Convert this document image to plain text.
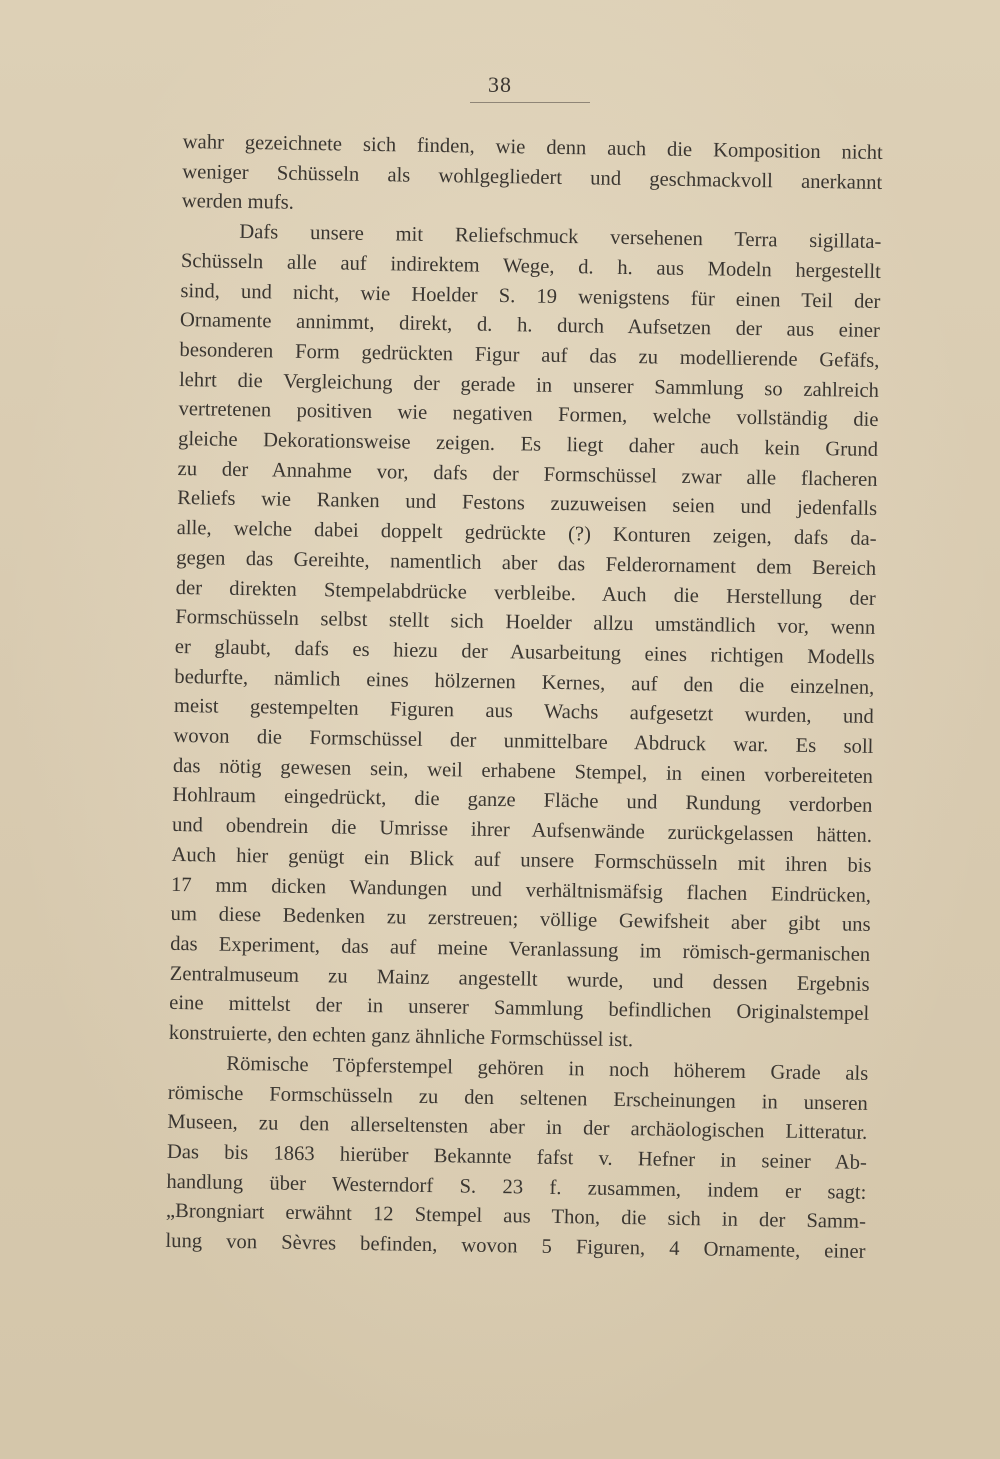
38

wahr gezeichnete sich finden, wie denn auch die Komposition nicht
weniger Schüsseln als wohlgegliedert und geschmackvoll anerkannt
werden mufs.

Dafs unsere mit Reliefschmuck versehenen Terra sigillata-
Schüsseln alle auf indirektem Wege, d. h. aus Modeln hergestellt
sind, und nicht, wie Hoelder S. 19 wenigstens für einen Teil der
Ornamente annimmt, direkt, d. h. durch Aufsetzen der aus einer
besonderen Form gedrückten Figur auf das zu modellierende Gefäfs,
lehrt die Vergleichung der gerade in unserer Sammlung so zahlreich
vertretenen positiven wie negativen Formen, welche vollständig die
gleiche Dekorationsweise zeigen. Es liegt daher auch kein Grund
zu der Annahme vor, dafs der Formschüssel zwar alle flacheren
Reliefs wie Ranken und Festons zuzuweisen seien und jedenfalls
alle, welche dabei doppelt gedrückte (?) Konturen zeigen, dafs da-
gegen das Gereihte, namentlich aber das Felderornament dem Bereich
der direkten Stempelabdrücke verbleibe. Auch die Herstellung der
Formschüsseln selbst stellt sich Hoelder allzu umständlich vor, wenn
er glaubt, dafs es hiezu der Ausarbeitung eines richtigen Modells
bedurfte, nämlich eines hölzernen Kernes, auf den die einzelnen,
meist gestempelten Figuren aus Wachs aufgesetzt wurden, und
wovon die Formschüssel der unmittelbare Abdruck war. Es soll
das nötig gewesen sein, weil erhabene Stempel, in einen vorbereiteten
Hohlraum eingedrückt, die ganze Fläche und Rundung verdorben
und obendrein die Umrisse ihrer Aufsenwände zurückgelassen hätten.
Auch hier genügt ein Blick auf unsere Formschüsseln mit ihren bis
17 mm dicken Wandungen und verhältnismäfsig flachen Eindrücken,
um diese Bedenken zu zerstreuen; völlige Gewifsheit aber gibt uns
das Experiment, das auf meine Veranlassung im römisch-germanischen
Zentralmuseum zu Mainz angestellt wurde, und dessen Ergebnis
eine mittelst der in unserer Sammlung befindlichen Originalstempel
konstruierte, den echten ganz ähnliche Formschüssel ist.

Römische Töpferstempel gehören in noch höherem Grade als
römische Formschüsseln zu den seltenen Erscheinungen in unseren
Museen, zu den allerseltensten aber in der archäologischen Litteratur.
Das bis 1863 hierüber Bekannte fafst v. Hefner in seiner Ab-
handlung über Westerndorf S. 23 f. zusammen, indem er sagt:
„Brongniart erwähnt 12 Stempel aus Thon, die sich in der Samm-
lung von Sèvres befinden, wovon 5 Figuren, 4 Ornamente, einer
